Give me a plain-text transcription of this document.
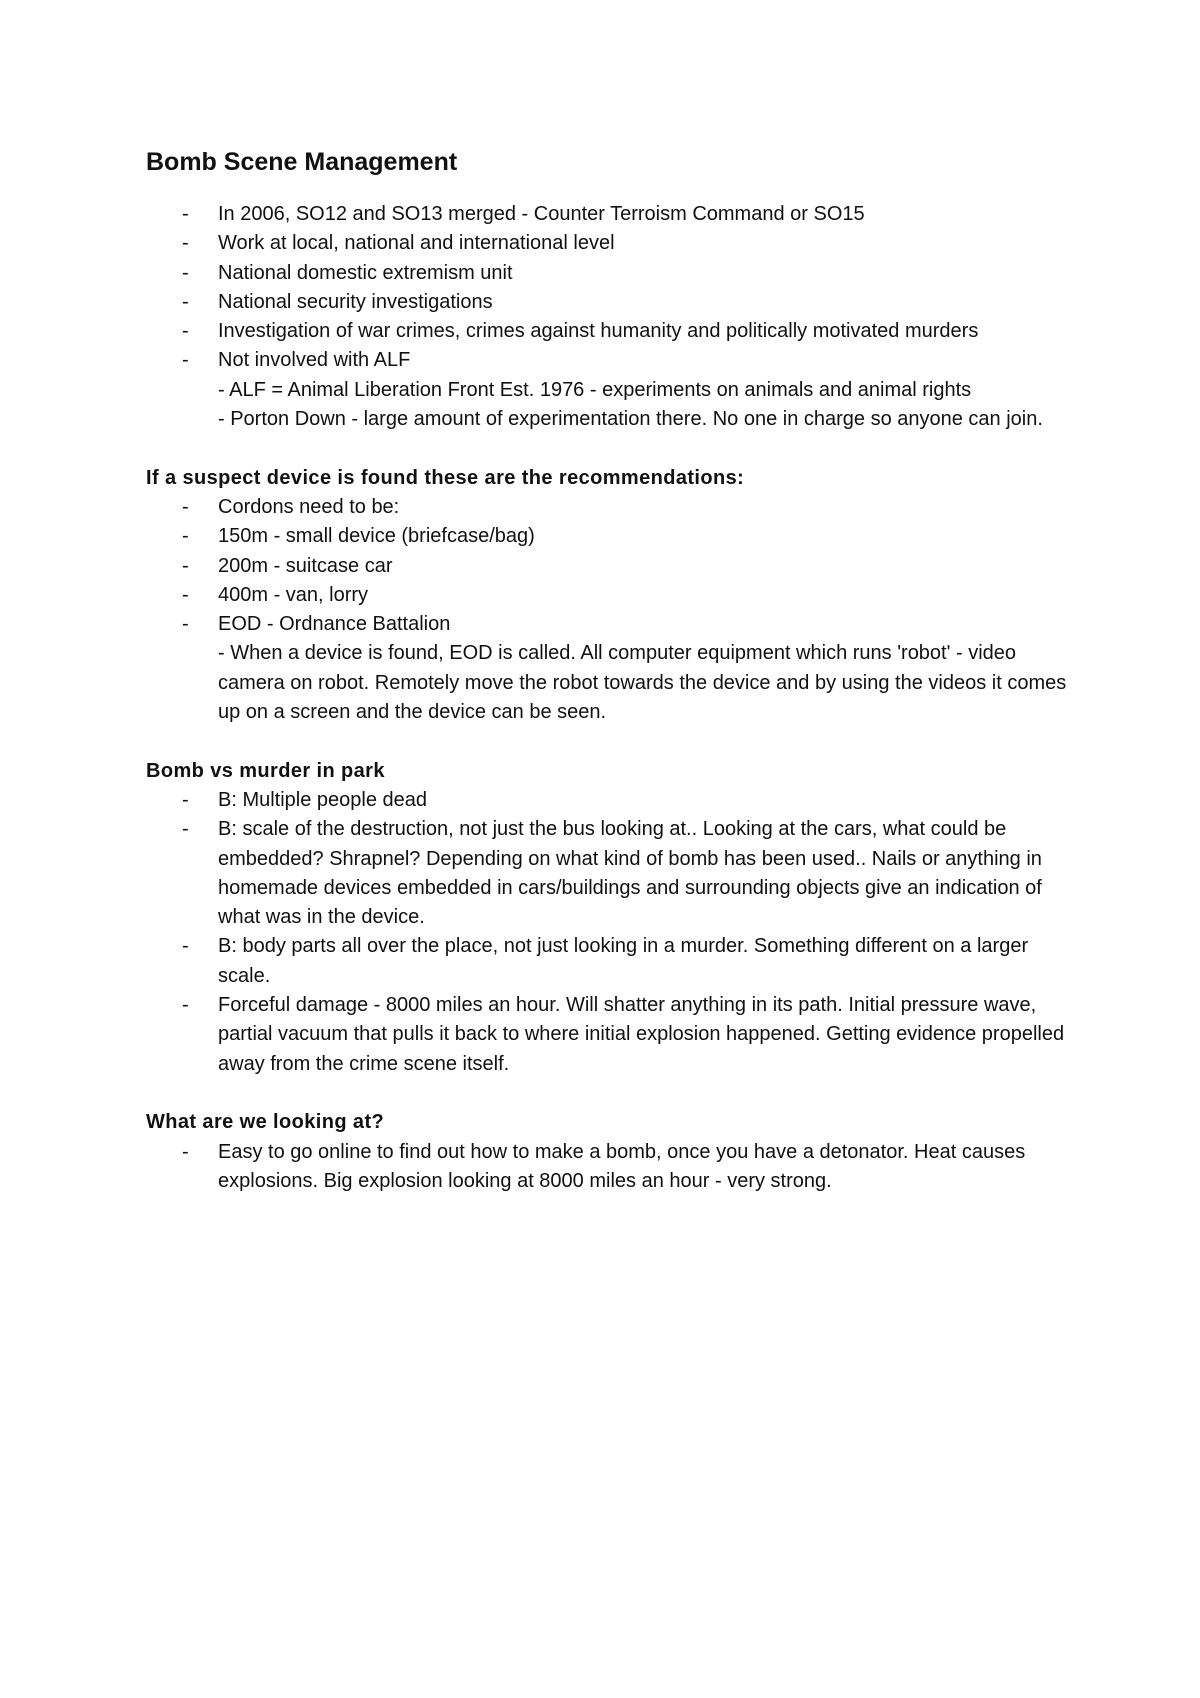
Bomb Scene Management
- In 2006, SO12 and SO13 merged - Counter Terroism Command or SO15
- Work at local, national and international level
- National domestic extremism unit
- National security investigations
- Investigation of war crimes, crimes against humanity and politically motivated murders
- Not involved with ALF
- ALF = Animal Liberation Front Est. 1976 - experiments on animals and animal rights
- Porton Down - large amount of experimentation there. No one in charge so anyone can join.
If a suspect device is found these are the recommendations:
- Cordons need to be:
- 150m - small device (briefcase/bag)
- 200m - suitcase car
- 400m - van, lorry
- EOD - Ordnance Battalion
- When a device is found, EOD is called. All computer equipment which runs 'robot' - video camera on robot. Remotely move the robot towards the device and by using the videos it comes up on a screen and the device can be seen.
Bomb vs murder in park
- B: Multiple people dead
- B: scale of the destruction, not just the bus looking at.. Looking at the cars, what could be embedded? Shrapnel? Depending on what kind of bomb has been used.. Nails or anything in homemade devices embedded in cars/buildings and surrounding objects give an indication of what was in the device.
- B: body parts all over the place, not just looking in a murder. Something different on a larger scale.
- Forceful damage - 8000 miles an hour. Will shatter anything in its path. Initial pressure wave, partial vacuum that pulls it back to where initial explosion happened. Getting evidence propelled away from the crime scene itself.
What are we looking at?
- Easy to go online to find out how to make a bomb, once you have a detonator. Heat causes explosions. Big explosion looking at 8000 miles an hour - very strong.
